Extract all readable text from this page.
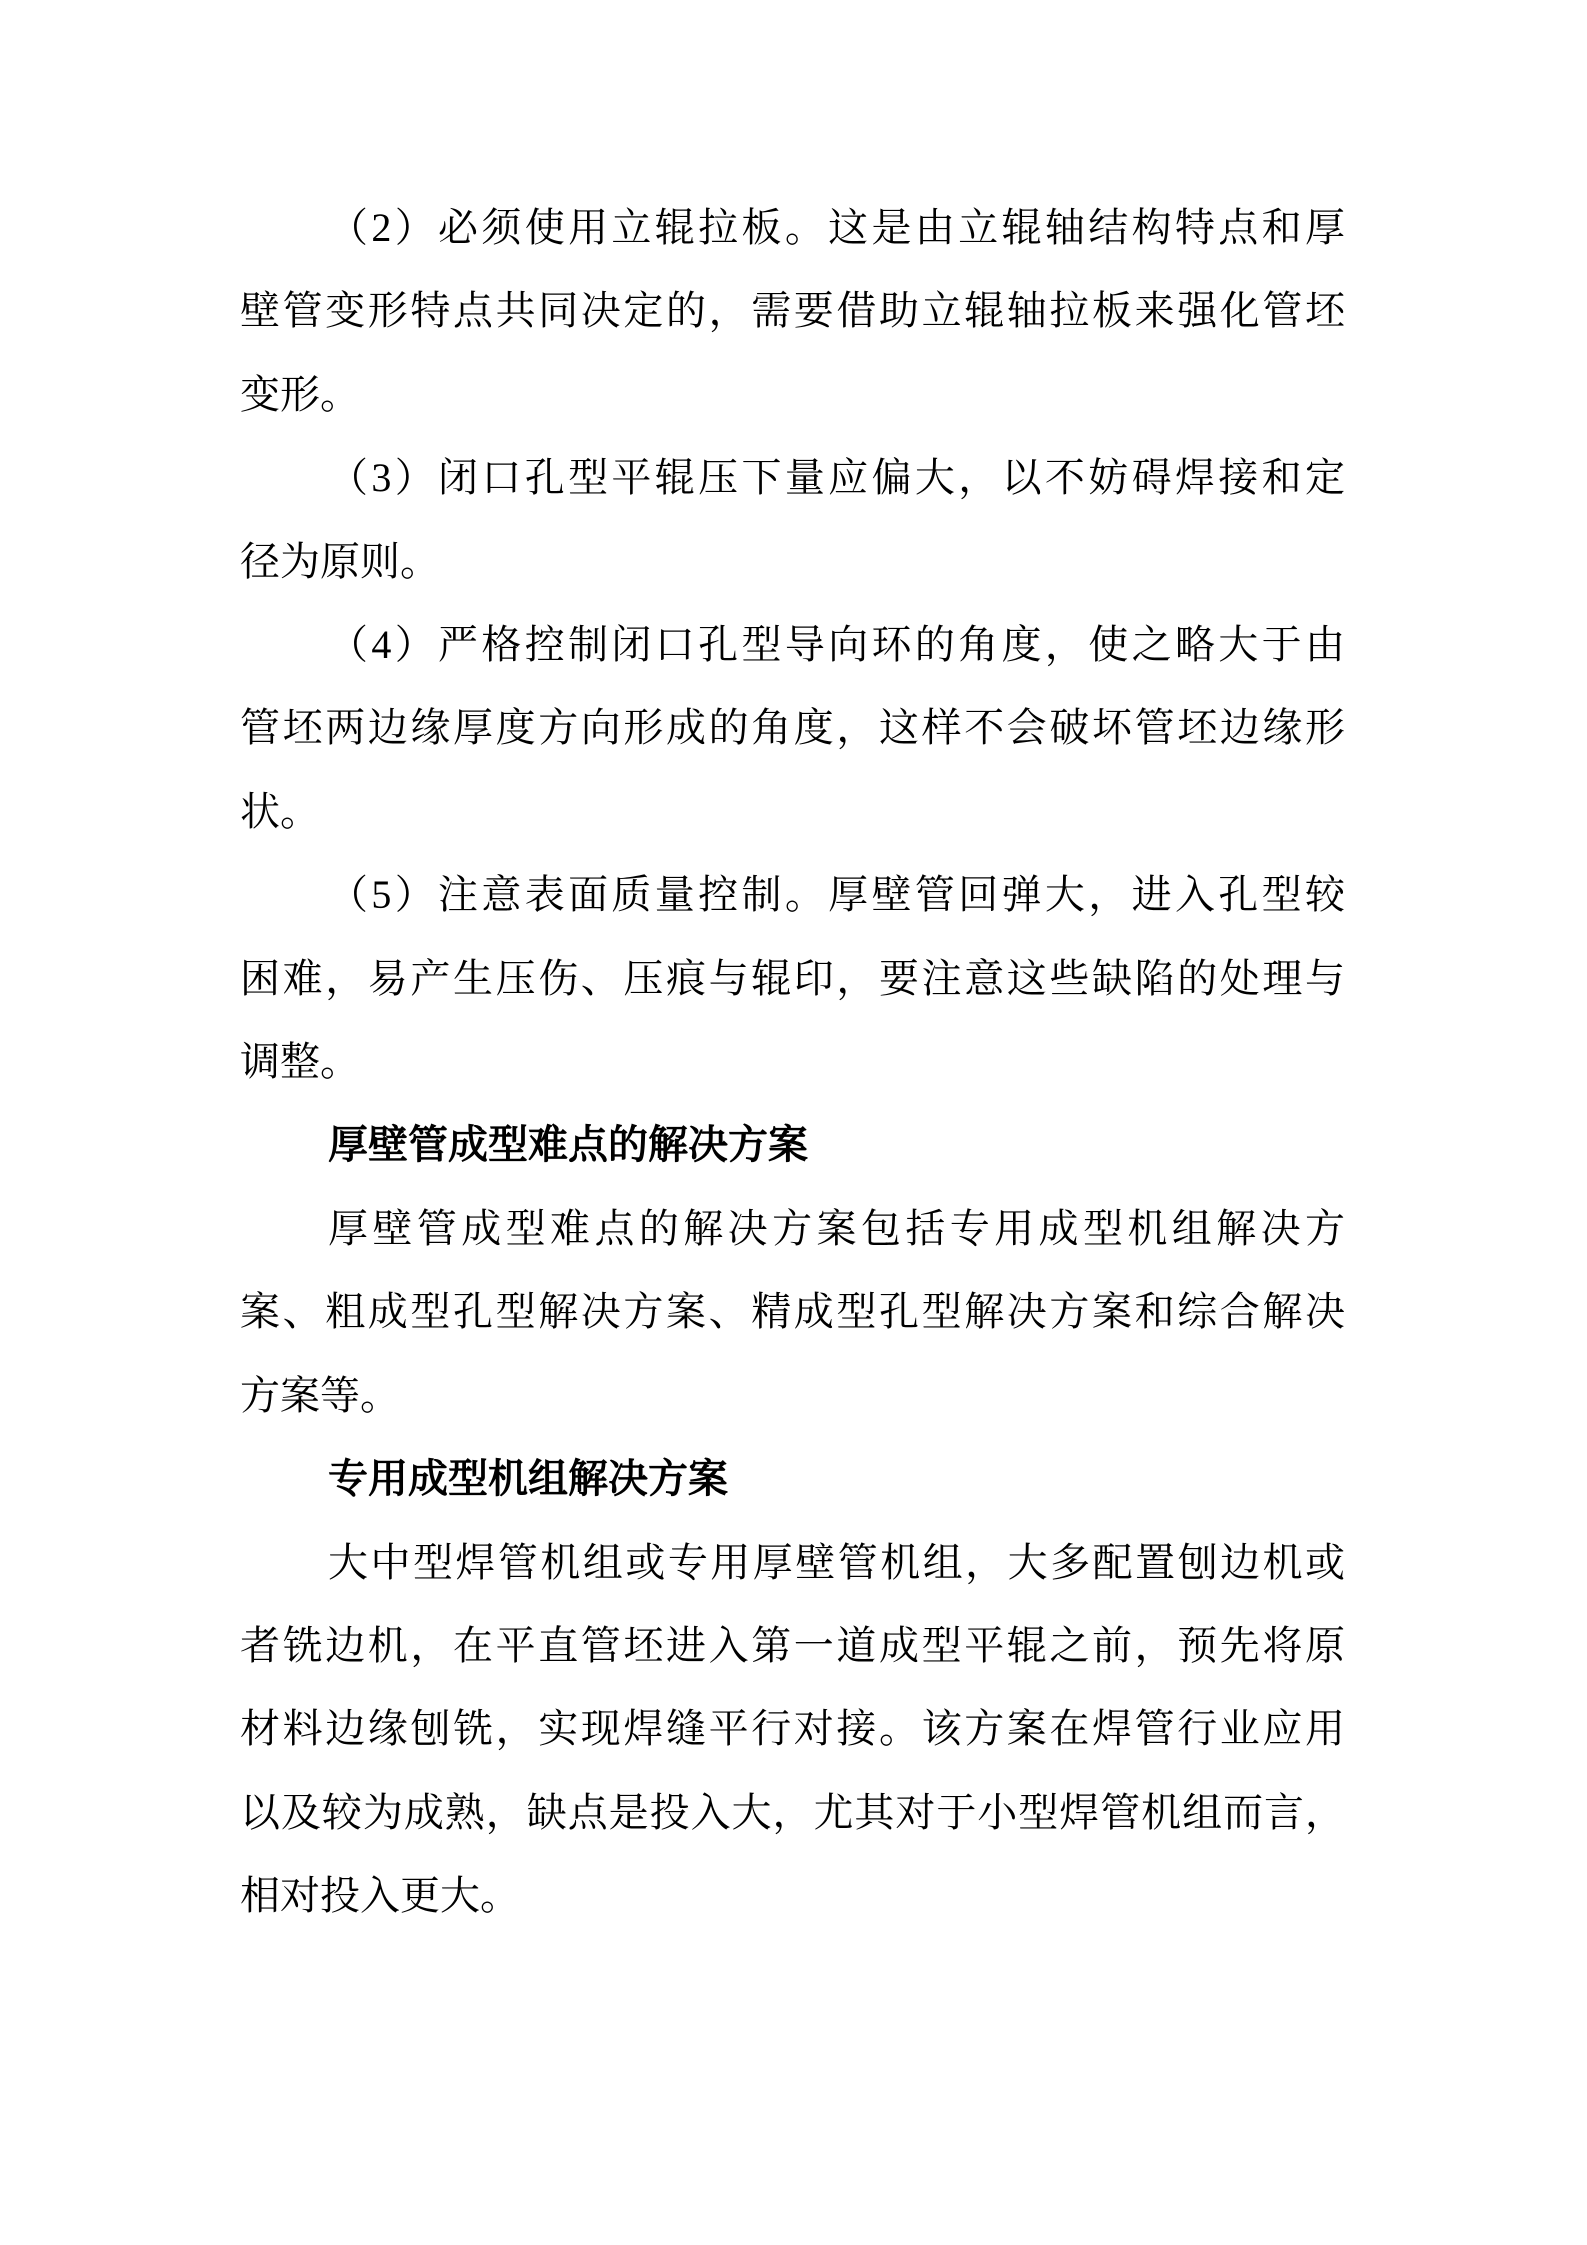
（2）必须使用立辊拉板。这是由立辊轴结构特点和厚
壁管变形特点共同决定的，需要借助立辊轴拉板来强化管坯
变形。
（3）闭口孔型平辊压下量应偏大，以不妨碍焊接和定
径为原则。
（4）严格控制闭口孔型导向环的角度，使之略大于由
管坯两边缘厚度方向形成的角度，这样不会破坏管坯边缘形
状。
（5）注意表面质量控制。厚壁管回弹大，进入孔型较
困难，易产生压伤、压痕与辊印，要注意这些缺陷的处理与
调整。
厚壁管成型难点的解决方案
厚壁管成型难点的解决方案包括专用成型机组解决方
案、粗成型孔型解决方案、精成型孔型解决方案和综合解决
方案等。
专用成型机组解决方案
大中型焊管机组或专用厚壁管机组，大多配置刨边机或
者铣边机，在平直管坯进入第一道成型平辊之前，预先将原
材料边缘刨铣，实现焊缝平行对接。该方案在焊管行业应用
以及较为成熟，缺点是投入大，尤其对于小型焊管机组而言，
相对投入更大。
